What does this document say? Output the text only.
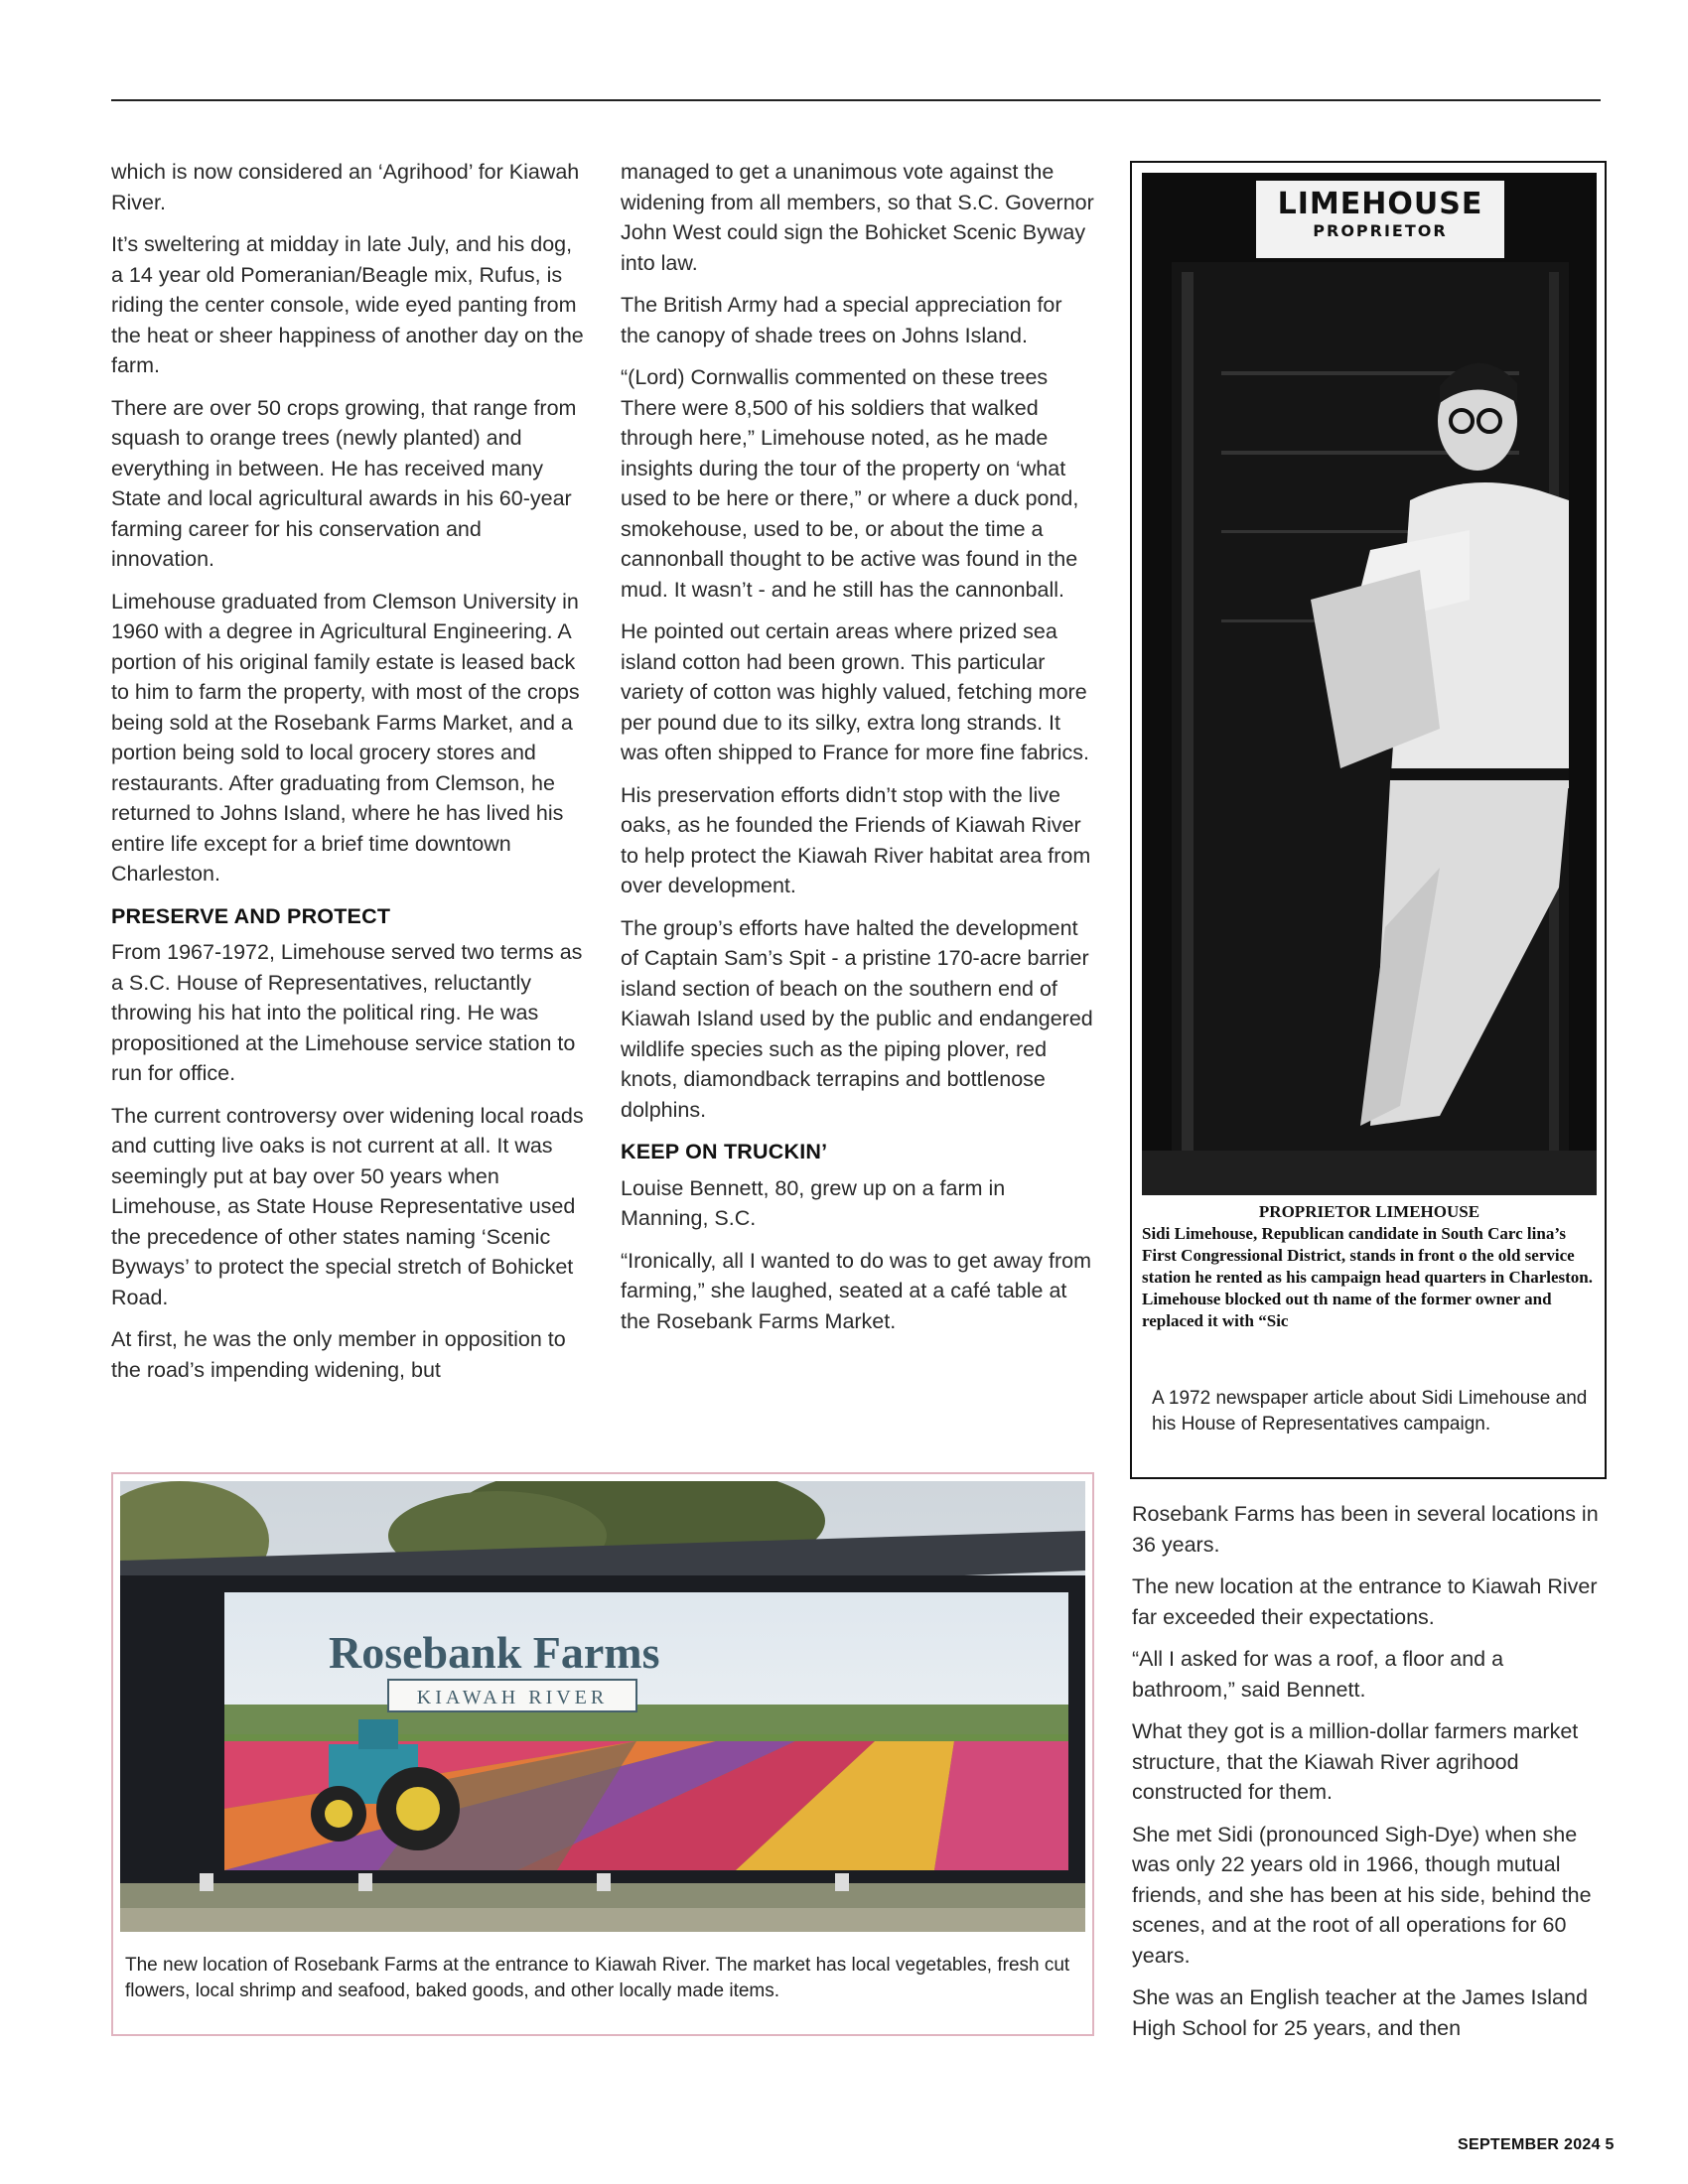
which is now considered an ‘Agrihood’ for Kiawah River.

It’s sweltering at midday in late July, and his dog, a 14 year old Pomeranian/Beagle mix, Rufus, is riding the center console, wide eyed panting from the heat or sheer happiness of another day on the farm.

There are over 50 crops growing, that range from squash to orange trees (newly planted) and everything in between. He has received many State and local agricultural awards in his 60-year farming career for his conservation and innovation.

Limehouse graduated from Clemson University in 1960 with a degree in Agricultural Engineering. A portion of his original family estate is leased back to him to farm the property, with most of the crops being sold at the Rosebank Farms Market, and a portion being sold to local grocery stores and restaurants. After graduating from Clemson, he returned to Johns Island, where he has lived his entire life except for a brief time downtown Charleston.

PRESERVE AND PROTECT

From 1967-1972, Limehouse served two terms as a S.C. House of Representatives, reluctantly throwing his hat into the political ring. He was propositioned at the Limehouse service station to run for office.

The current controversy over widening local roads and cutting live oaks is not current at all. It was seemingly put at bay over 50 years when Limehouse, as State House Representative used the precedence of other states naming ‘Scenic Byways’ to protect the special stretch of Bohicket Road.

At first, he was the only member in opposition to the road’s impending widening, but

managed to get a unanimous vote against the widening from all members, so that S.C. Governor John West could sign the Bohicket Scenic Byway into law.

The British Army had a special appreciation for the canopy of shade trees on Johns Island.

“(Lord) Cornwallis commented on these trees There were 8,500 of his soldiers that walked through here,” Limehouse noted, as he made insights during the tour of the property on ‘what used to be here or there,” or where a duck pond, smokehouse, used to be, or about the time a cannonball thought to be active was found in the mud. It wasn’t - and he still has the cannonball.

He pointed out certain areas where prized sea island cotton had been grown. This particular variety of cotton was highly valued, fetching more per pound due to its silky, extra long strands. It was often shipped to France for more fine fabrics.

His preservation efforts didn’t stop with the live oaks, as he founded the Friends of Kiawah River to help protect the Kiawah River habitat area from over development.

The group’s efforts have halted the development of Captain Sam’s Spit - a pristine 170-acre barrier island section of beach on the southern end of Kiawah Island used by the public and endangered wildlife species such as the piping plover, red knots, diamondback terrapins and bottlenose dolphins.

KEEP ON TRUCKIN’

Louise Bennett, 80, grew up on a farm in Manning, S.C.

“Ironically, all I wanted to do was to get away from farming,” she laughed, seated at a café table at the Rosebank Farms Market.

LIMEHOUSE
PROPRIETOR
PROPRIETOR LIMEHOUSE
Sidi Limehouse, Republican candidate in South Carc lina’s First Congressional District, stands in front o the old service station he rented as his campaign head quarters in Charleston. Limehouse blocked out th name of the former owner and replaced it with “Sic
A 1972 newspaper article about Sidi Limehouse and his House of Representatives campaign.
Rosebank Farms
KIAWAH RIVER
The new location of Rosebank Farms at the entrance to Kiawah River. The market has local vegetables, fresh cut flowers, local shrimp and seafood, baked goods, and other locally made items.

Rosebank Farms has been in several locations in 36 years.

The new location at the entrance to Kiawah River far exceeded their expectations.

“All I asked for was a roof, a floor and a bathroom,” said Bennett.

What they got is a million-dollar farmers market structure, that the Kiawah River agrihood constructed for them.

She met Sidi (pronounced Sigh-Dye) when she was only 22 years old in 1966, though mutual friends, and she has been at his side, behind the scenes, and at the root of all operations for 60 years.

She was an English teacher at the James Island High School for 25 years, and then

SEPTEMBER 2024 5
